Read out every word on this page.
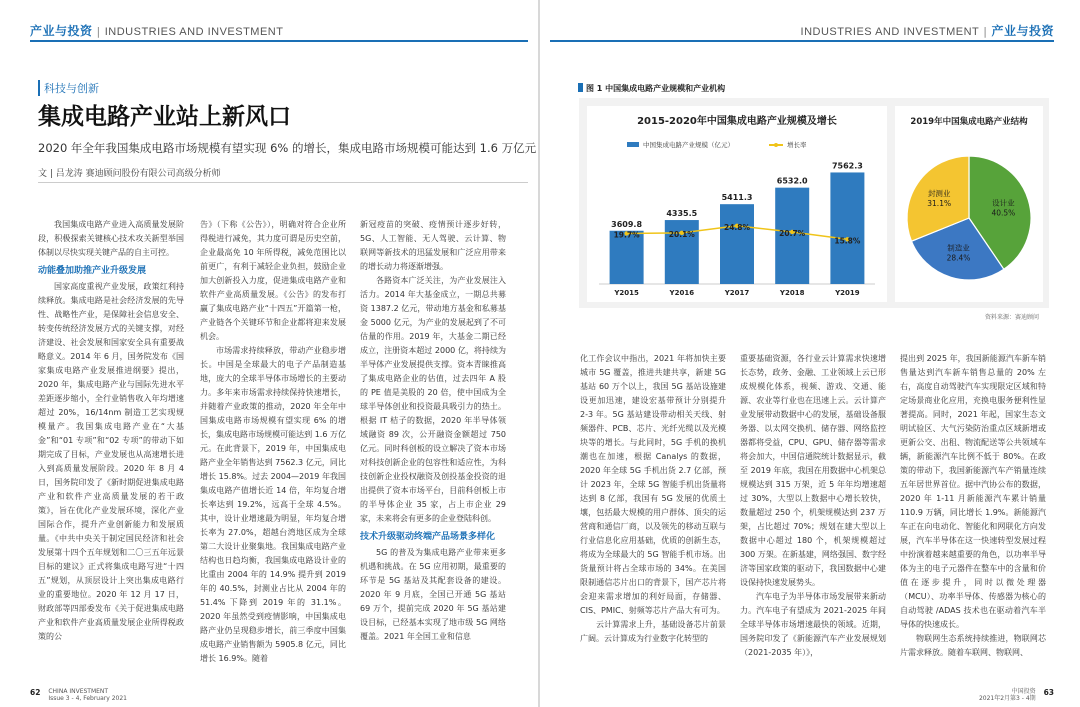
产业与投资 | INDUSTRIES AND INVESTMENT	INDUSTRIES AND INVESTMENT | 产业与投资
科技与创新
集成电路产业站上新风口
2020 年全年我国集成电路市场规模有望实现 6% 的增长，集成电路市场规模可能达到 1.6 万亿元
文 | 吕龙涛 赛迪顾问股份有限公司高级分析师

我国集成电路产业进入高质量发展阶段，积极探索关键核心技术攻关新型举国体制以尽快实现关键产品的自主可控。

动能叠加助推产业升级发展

国家高度重视产业发展，政策红利持续释放。集成电路是社会经济发展的先导性、战略性产业，是保障社会信息安全、转变传统经济发展方式的关键支撑，对经济建设、社会发展和国家安全具有重要战略意义。2014 年 6 月，国务院发布《国家集成电路产业发展推进纲要》提出，2020 年，集成电路产业与国际先进水平差距逐步缩小，全行业销售收入年均增速超过 20%，16/14nm 制造工艺实现规模量产。我国集成电路产业在“大基金”和“01 专项”和“02 专项”的带动下如期完成了目标，产业发展也从高速增长进入到高质量发展阶段。2020 年 8 月 4 日，国务院印发了《新时期促进集成电路产业和软件产业高质量发展的若干政策》，旨在优化产业发展环境，深化产业国际合作，提升产业创新能力和发展质量。《中共中央关于制定国民经济和社会发展第十四个五年规划和二〇三五年远景目标的建议》正式将集成电路写进“十四五”规划，从顶层设计上突出集成电路行业的重要地位。2020 年 12 月 17 日，财政部等四部委发布《关于促进集成电路产业和软件产业高质量发展企业所得税政策的公

告》（下称《公告》），明确对符合企业所得税进行减免，其力度可谓是历史空前，企业最高免 10 年所得税，减免范围比以前更广，有利于减轻企业负担，鼓励企业加大创新投入力度，促进集成电路产业和软件产业高质量发展。《公告》的发布打赢了集成电路产业“十四五”开篇第一枪，产业链各个关键环节和企业都将迎来发展机会。

市场需求持续释放，带动产业稳步增长。中国是全球最大的电子产品制造基地，庞大的全球半导体市场增长的主要动力。多年来市场需求持续保持快速增长，并随着产业政策的推动，2020 年全年中国集成电路市场规模有望实现 6% 的增长，集成电路市场规模可能达到 1.6 万亿元。在此背景下，2019 年，中国集成电路产业全年销售达到 7562.3 亿元，同比增长 15.8%。过去 2004—2019 年我国集成电路产值增长近 14 倍，年均复合增长率达到 19.2%，远高于全球 4.5%。其中，设计业增速最为明显，年均复合增长率为 27.0%，超越台湾地区成为全球第二大设计业聚集地。我国集成电路产业结构也日趋均衡，我国集成电路设计业的比重由 2004 年的 14.9% 提升到 2019 年的 40.5%，封测业占比从 2004 年的 51.4% 下降到 2019 年的 31.1%。2020 年虽然受到疫情影响，中国集成电路产业仍呈现稳步增长，前三季度中国集成电路产业销售额为 5905.8 亿元，同比增长 16.9%。随着

新冠疫苗的突破、疫情预计逐步好转，5G、人工智能、无人驾驶、云计算、物联网等新技术的迅猛发展和广泛应用带来的增长动力将逐渐增强。

各路资本广泛关注，为产业发展注入活力。2014 年大基金成立，一期总共募资 1387.2 亿元，带动地方基金和私募基金 5000 亿元，为产业的发展起到了不可估量的作用。2019 年，大基金二期已经成立，注册资本超过 2000 亿，将持续为半导体产业发展提供支撑。资本青睐推高了集成电路企业的估值，过去四年 A 股的 PE 值是美股的 20 倍，使中国成为全球半导体创业和投资最具吸引力的热土。根据 IT 桔子的数据，2020 年半导体领域融资 89 次，公开融资金额超过 750 亿元。同时科创板的设立解决了资本市场对科技创新企业的包容性和适应性，为科技创新企业投权融资及创投基金投资的退出提供了资本市场平台，目前科创板上市的半导体企业 35 家，占上市企业 29 家，未来将会有更多的企业登陆科创。

技术升级驱动终端产品场景多样化

5G 的普及为集成电路产业带来更多机遇和挑战。在 5G 应用初期，最重要的环节是 5G 基站及其配套设备的建设。2020 年 9 月底，全国已开通 5G 基站 69 万个，提前完成 2020 年 5G 基站建设目标，已经基本实现了地市级 5G 网络覆盖。2021 年全国工业和信息

图 1 中国集成电路产业规模和产业机构
2015-2020年中国集成电路产业规模及增长
中国集成电路产业规模（亿元）	增长率
3609.8
Y2015
4335.5
Y2016
5411.3
Y2017
6532.0
Y2018
7562.3
Y2019
19.7%	20.1%
24.8%
20.7%
15.8%
2019年中国集成电路产业结构
设计业
40.5%
制造业
28.4%
封测业
31.1%
资料来源：赛迪顾问

化工作会议中指出，2021 年将加快主要城市 5G 覆盖，推进共建共享，新建 5G 基站 60 万个以上，我国 5G 基站设施建设更加迅速，建设宏基带预计分别提升 2-3 年。5G 基站建设带动相关天线、射频器件、PCB、芯片、光纤光缆以及光模块等的增长。与此同时，5G 手机的换机潮也在加速，根据 Canalys 的数据，2020 年全球 5G 手机出货 2.7 亿部，预计 2023 年，全球 5G 智能手机出货量将达到 8 亿部，我国有 5G 发展的优质土壤，包括最大规模的用户群体、顶尖的运营商和通信厂商，以及领先的移动互联与行业信息化应用基础，优质的创新生态，将成为全球最大的 5G 智能手机市场。出货量预计将占全球市场的 34%。在美国限制通信芯片出口的背景下，国产芯片将会迎来需求增加的利好局面，存储器、CIS、PMIC、射频等芯片产品大有可为。

云计算需求上升，基础设备芯片前景广阔。云计算成为行业数字化转型的

重要基础资源，各行业云计算需求快速增长态势，政务、金融、工业领域上云已形成规模化体系，视频、游戏、交通、能源、农业等行业也在迅速上云。云计算产业发展带动数据中心的发展，基础设备服务器、以太网交换机、储存器、网络监控器都将受益，CPU、GPU、储存器等需求将会加大，中国信通院统计数据显示，截至 2019 年底，我国在用数据中心机架总规模达到 315 万架，近 5 年年均增速超过 30%，大型以上数据中心增长较快，数量超过 250 个，机架规模达到 237 万架，占比超过 70%；规划在建大型以上数据中心超过 180 个，机架规模超过 300 万架。在新基建，网络强国、数字经济等国家政策的驱动下，我国数据中心建设保持快速发展势头。

汽车电子为半导体市场发展带来新动力。汽车电子有望成为 2021-2025 年间全球半导体市场增速最快的领域。近期，国务院印发了《新能源汽车产业发展规划（2021-2035 年）》，

提出到 2025 年，我国新能源汽车新车销售量达到汽车新车销售总量的 20% 左右，高度自动驾驶汽车实现限定区域和特定场景商业化应用，充换电服务便利性显著提高。同时，2021 年起，国家生态文明试验区、大气污染防治重点区域新增或更新公交、出租、物流配送等公共领域车辆，新能源汽车比例不低于 80%。在政策的带动下，我国新能源汽车产销量连续五年居世界首位。据中汽协公布的数据，2020 年 1-11 月新能源汽车累计销量 110.9 万辆，同比增长 1.9%。新能源汽车正在向电动化、智能化和网联化方向发展，汽车半导体在这一快速转型发展过程中扮演着越来越重要的角色，以功率半导体为主的电子元器件在整车中的含量和价值在逐步提升，同时以微处理器（MCU）、功率半导体、传感器为核心的自动驾驶 /ADAS 技术也在驱动着汽车半导体的快速成长。

物联网生态系统持续推进，物联网芯片需求释放。随着车联网、物联网、

62 CHINA INVESTMENT
Issue 3 - 4, February 2021
中国投资
2021年2月第3 - 4期 63
